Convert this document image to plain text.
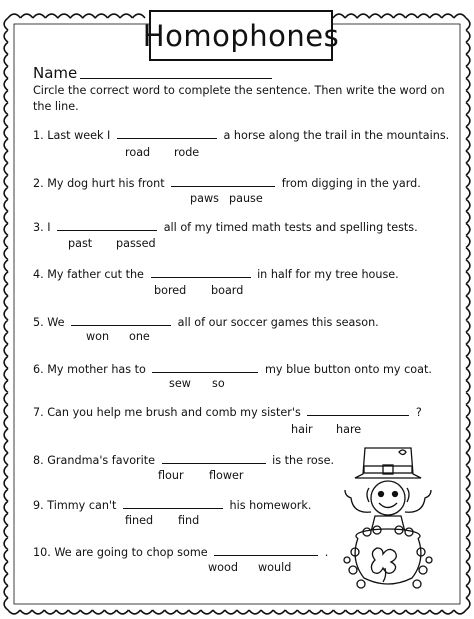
Homophones
Name
Circle the correct word to complete the sentence. Then write the word on the line.
1. Last week I	a horse along the trail in the mountains.
road rode
2. My dog hurt his front	from digging in the yard.
paws pause
3. I	all of my timed math tests and spelling tests.
past passed
4. My father cut the	in half for my tree house.
bored board
5. We	all of our soccer games this season.
won one
6. My mother has to	my blue button onto my coat.
sew so
7. Can you help me brush and comb my sister's	?
hair hare
8. Grandma's favorite	is the rose.
flour flower
9. Timmy can't	his homework.
fined find
10. We are going to chop some	.
wood would
